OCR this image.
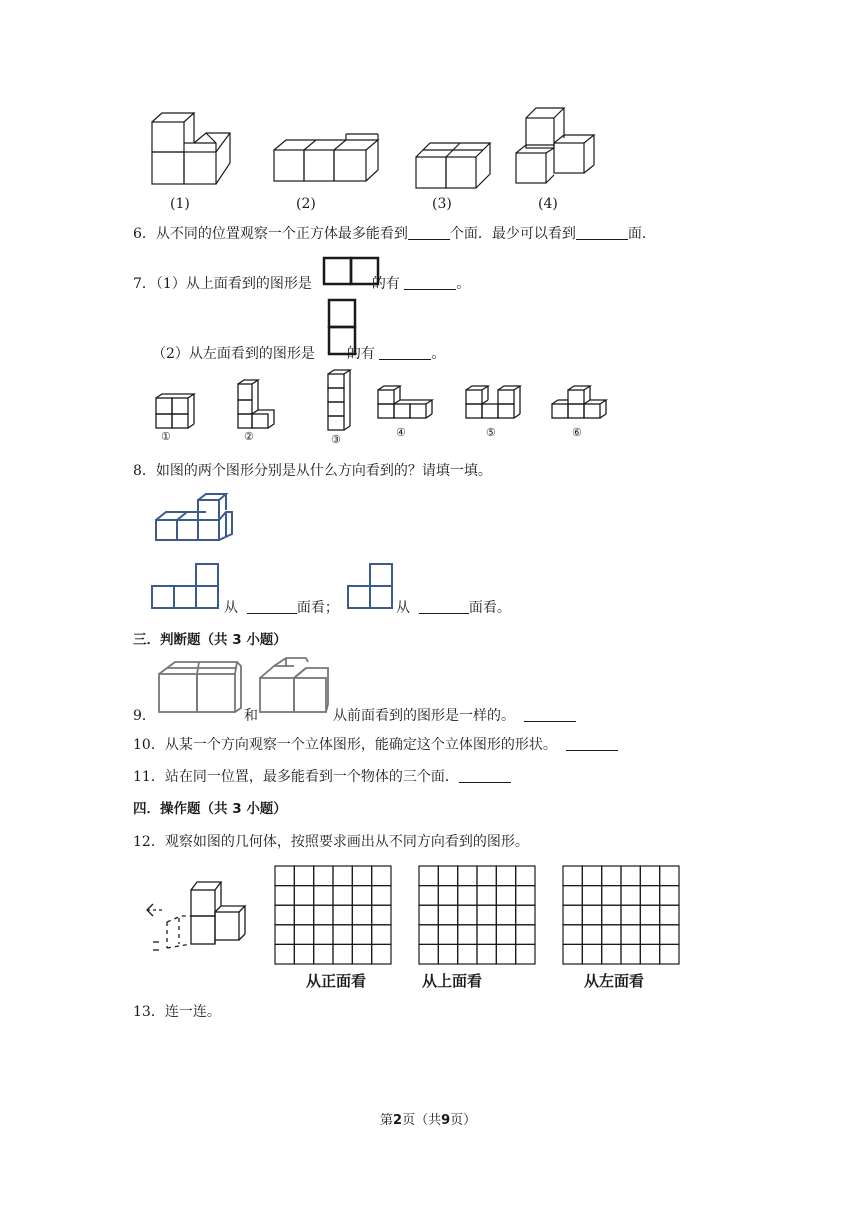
(1)	(2)	(3)	(4)
6．从不同的位置观察一个正方体最多能看到	个面．最少可以看到	面．
7．（1）从上面看到的图形是	的有	。
（2）从左面看到的图形是 的有	。
①	②	③
④	⑤	⑥
8．如图的两个图形分别是从什么方向看到的？请填一填。
从	面看；	从	面看。
三．判断题（共 3 小题）
9．	和	从前面看到的图形是一样的。
10．从某一个方向观察一个立体图形，能确定这个立体图形的形状。
11．站在同一位置，最多能看到一个物体的三个面．
四．操作题（共 3 小题）
12．观察如图的几何体，按照要求画出从不同方向看到的图形。
从正面看	从上面看	从左面看
13．连一连。
第2页（共9页）
